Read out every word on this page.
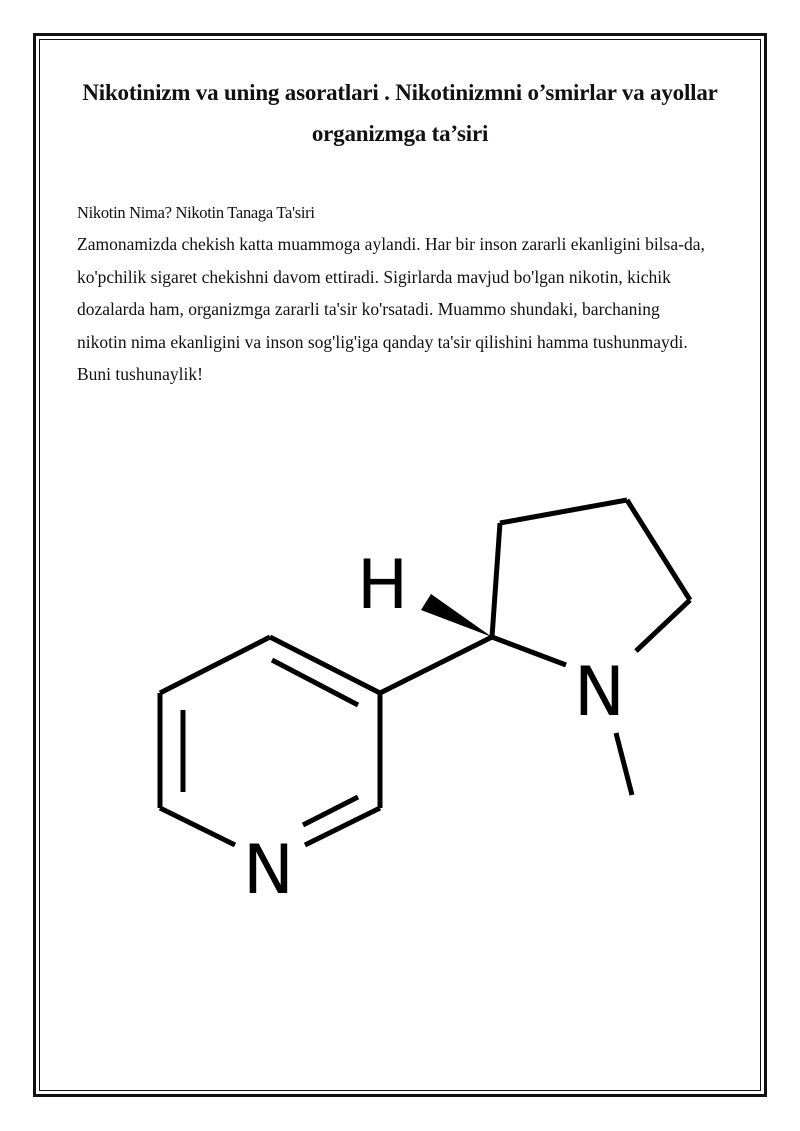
Nikotinizm va uning asoratlari . Nikotinizmni o’smirlar va ayollar organizmga ta’siri

Nikotin Nima? Nikotin Tanaga Ta'siri

Zamonamizda chekish katta muammoga aylandi. Har bir inson zararli ekanligini bilsa-da, ko'pchilik sigaret chekishni davom ettiradi. Sigirlarda mavjud bo'lgan nikotin, kichik dozalarda ham, organizmga zararli ta'sir ko'rsatadi. Muammo shundaki, barchaning nikotin nima ekanligini va inson sog'lig'iga qanday ta'sir qilishini hamma tushunmaydi. Buni tushunaylik!

H
N
N
